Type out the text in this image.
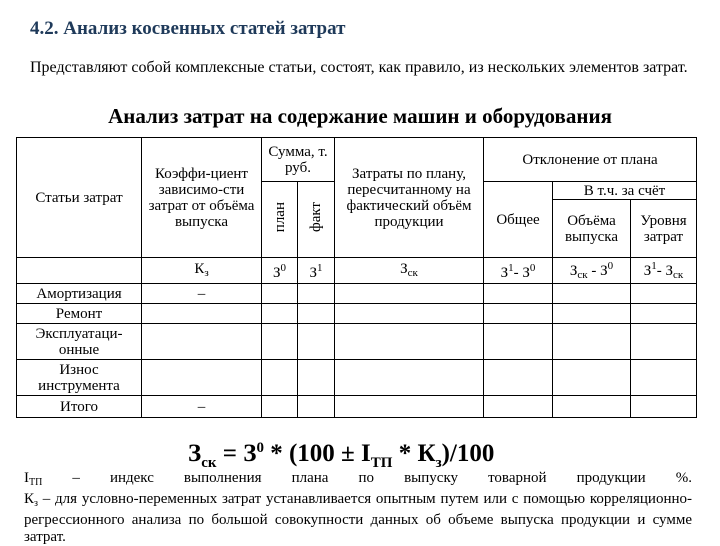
4.2. Анализ косвенных статей затрат
Представляют собой комплексные статьи, состоят, как правило, из нескольких элементов затрат.
Анализ затрат на содержание машин и оборудования
Статьи затрат	Коэффи-циент зависимо-сти затрат от объёма выпуска	Сумма, т. руб.		Затраты по плану, пересчитанному на фактический объём продукции	Отклонение от плана		
		план	факт		Общее	В т.ч. за счёт	
						Объёма выпуска	Уровня затрат
	$К_з$	$З^0$	$З^1$	$З_{ск}$	$З^1-$ $З^0$	$З_{ск} - З^0$	$З^1-$ $З_{ск}$
Амортизация	–						
Ремонт							
Эксплуатаци-онные							
Износ инструмента							
Итого	–						
$З_{ск} = З^0 * (100 \pm I_{ТП} * К_з)/100$

$I_{ТП}$ – индекс выполнения плана по выпуску товарной продукции %.

$К_з$ – для условно-переменных затрат устанавливается опытным путем или с помощью корреляционно-регрессионного анализа по большой совокупности данных об объеме выпуска продукции и сумме затрат.
